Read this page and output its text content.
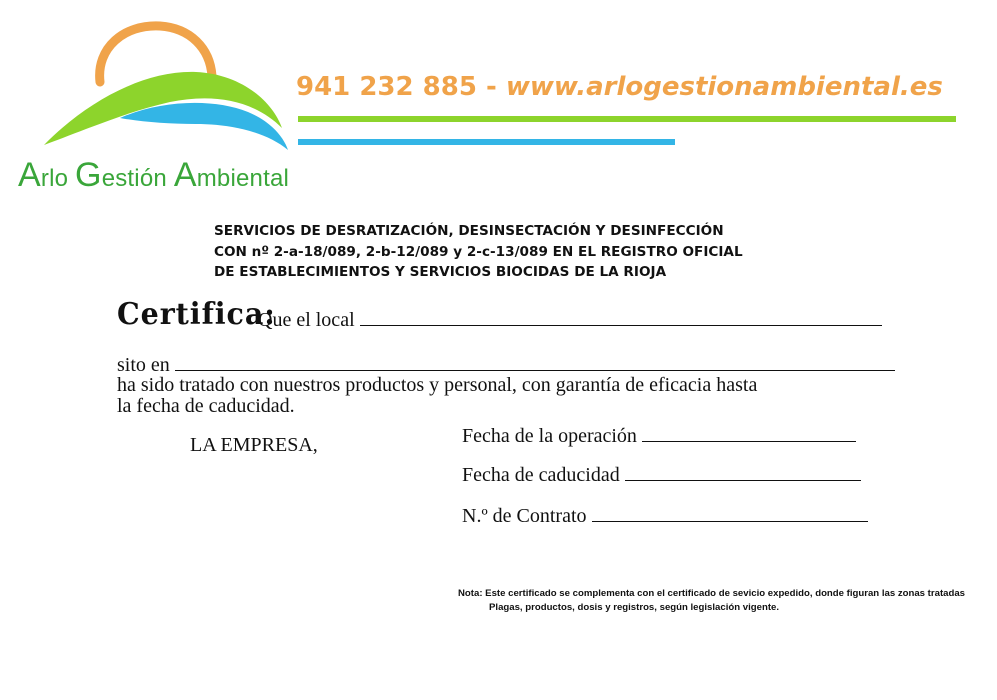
Arlo Gestión Ambiental
941 232 885 - www.arlogestionambiental.es
SERVICIOS DE DESRATIZACIÓN, DESINSECTACIÓN Y DESINFECCIÓN
CON nº 2-a-18/089, 2-b-12/089 y 2-c-13/089 EN EL REGISTRO OFICIAL
DE ESTABLECIMIENTOS Y SERVICIOS BIOCIDAS DE LA RIOJA
Certifica:
Que el local
sito en
ha sido tratado con nuestros productos y personal, con garantía de eficacia hasta
la fecha de caducidad.
LA EMPRESA,	Fecha de la operación
Fecha de caducidad
N.º de Contrato
Nota: Este certificado se complementa con el certificado de sevicio expedido, donde figuran las zonas tratadas
Plagas, productos, dosis y registros, según legislación vigente.
